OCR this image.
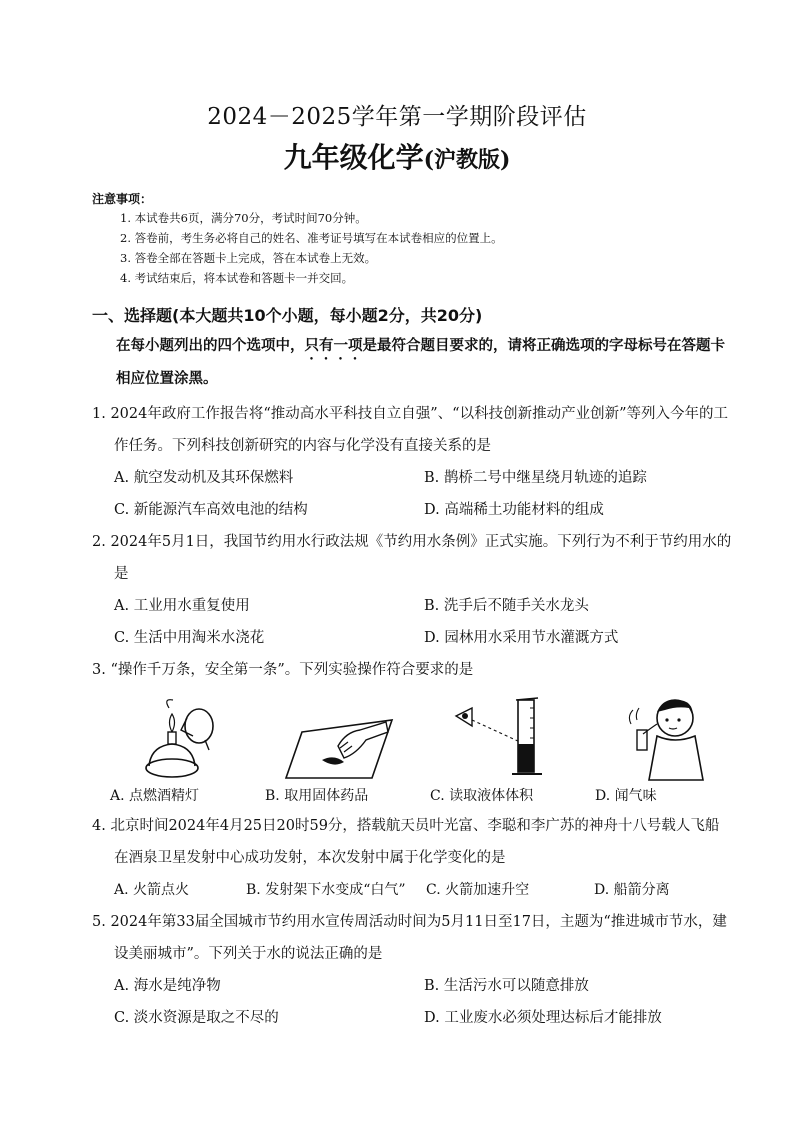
2024－2025学年第一学期阶段评估

九年级化学(沪教版)

注意事项：
1. 本试卷共6页，满分70分，考试时间70分钟。
2. 答卷前，考生务必将自己的姓名、准考证号填写在本试卷相应的位置上。
3. 答卷全部在答题卡上完成，答在本试卷上无效。
4. 考试结束后，将本试卷和答题卡一并交回。
一、选择题(本大题共10个小题，每小题2分，共20分)
在每小题列出的四个选项中，只有一项是最符合题目要求的，请将正确选项的字母标号在答题卡相应位置涂黑。
1. 2024年政府工作报告将“推动高水平科技自立自强”、“以科技创新推动产业创新”等列入今年的工作任务。下列科技创新研究的内容与化学没有直接关系的是
A. 航空发动机及其环保燃料	B. 鹊桥二号中继星绕月轨迹的追踪
C. 新能源汽车高效电池的结构	D. 高端稀土功能材料的组成
2. 2024年5月1日，我国节约用水行政法规《节约用水条例》正式实施。下列行为不利于节约用水的是
A. 工业用水重复使用	B. 洗手后不随手关水龙头
C. 生活中用淘米水浇花	D. 园林用水采用节水灌溉方式
3. “操作千万条，安全第一条”。下列实验操作符合要求的是
A. 点燃酒精灯	B. 取用固体药品	C. 读取液体体积	D. 闻气味
4. 北京时间2024年4月25日20时59分，搭载航天员叶光富、李聪和李广苏的神舟十八号载人飞船在酒泉卫星发射中心成功发射，本次发射中属于化学变化的是
A. 火箭点火	B. 发射架下水变成“白气”	C. 火箭加速升空	D. 船箭分离
5. 2024年第33届全国城市节约用水宣传周活动时间为5月11日至17日，主题为“推进城市节水，建设美丽城市”。下列关于水的说法正确的是
A. 海水是纯净物	B. 生活污水可以随意排放
C. 淡水资源是取之不尽的	D. 工业废水必须处理达标后才能排放
